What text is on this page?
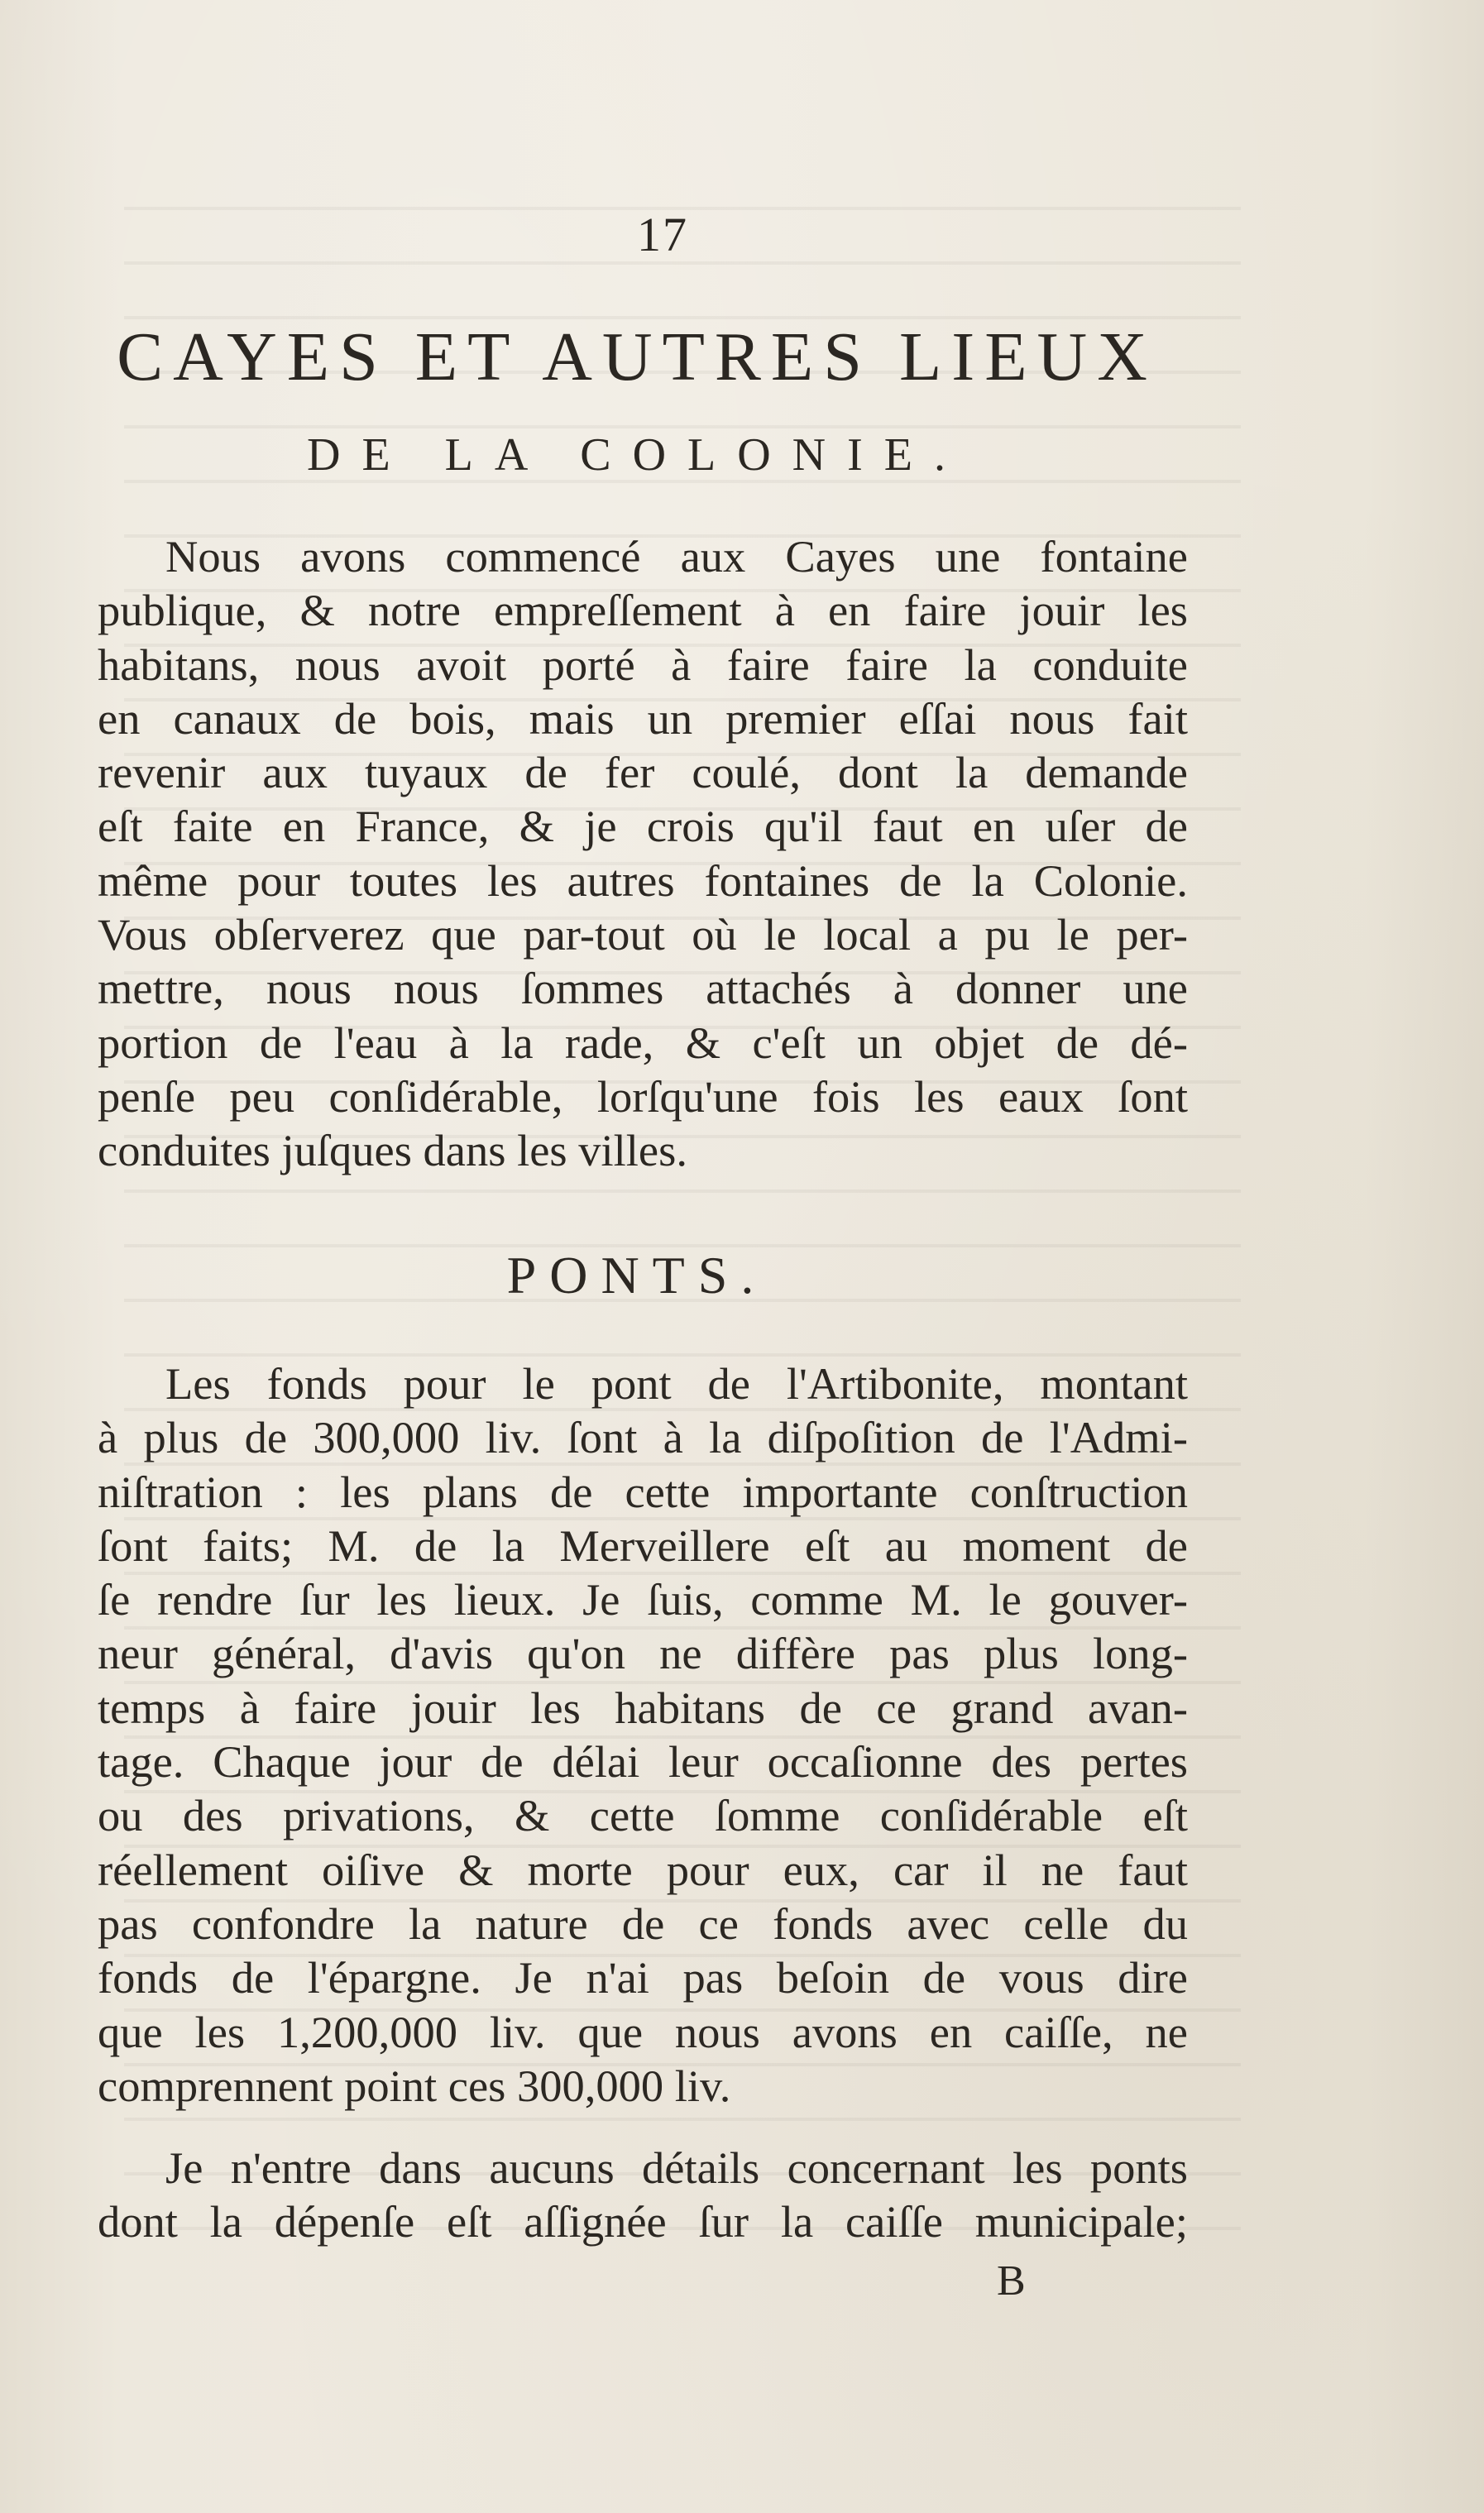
17
CAYES ET AUTRES LIEUX
DE LA COLONIE.
Nous avons commencé aux Cayes une fontaine
publique, & notre empreſſement à en faire jouir les
habitans, nous avoit porté à faire faire la conduite
en canaux de bois, mais un premier eſſai nous fait
revenir aux tuyaux de fer coulé, dont la demande
eſt faite en France, & je crois qu'il faut en uſer de
même pour toutes les autres fontaines de la Colonie.
Vous obſerverez que par-tout où le local a pu le per-
mettre, nous nous ſommes attachés à donner une
portion de l'eau à la rade, & c'eſt un objet de dé-
penſe peu conſidérable, lorſqu'une fois les eaux ſont
conduites juſques dans les villes.
PONTS.
Les fonds pour le pont de l'Artibonite, montant
à plus de 300,000 liv. ſont à la diſpoſition de l'Admi-
niſtration : les plans de cette importante conſtruction
ſont faits; M. de la Merveillere eſt au moment de
ſe rendre ſur les lieux. Je ſuis, comme M. le gouver-
neur général, d'avis qu'on ne diffère pas plus long-
temps à faire jouir les habitans de ce grand avan-
tage. Chaque jour de délai leur occaſionne des pertes
ou des privations, & cette ſomme conſidérable eſt
réellement oiſive & morte pour eux, car il ne faut
pas confondre la nature de ce fonds avec celle du
fonds de l'épargne. Je n'ai pas beſoin de vous dire
que les 1,200,000 liv. que nous avons en caiſſe, ne
comprennent point ces 300,000 liv.
Je n'entre dans aucuns détails concernant les ponts
dont la dépenſe eſt aſſignée ſur la caiſſe municipale;
B
